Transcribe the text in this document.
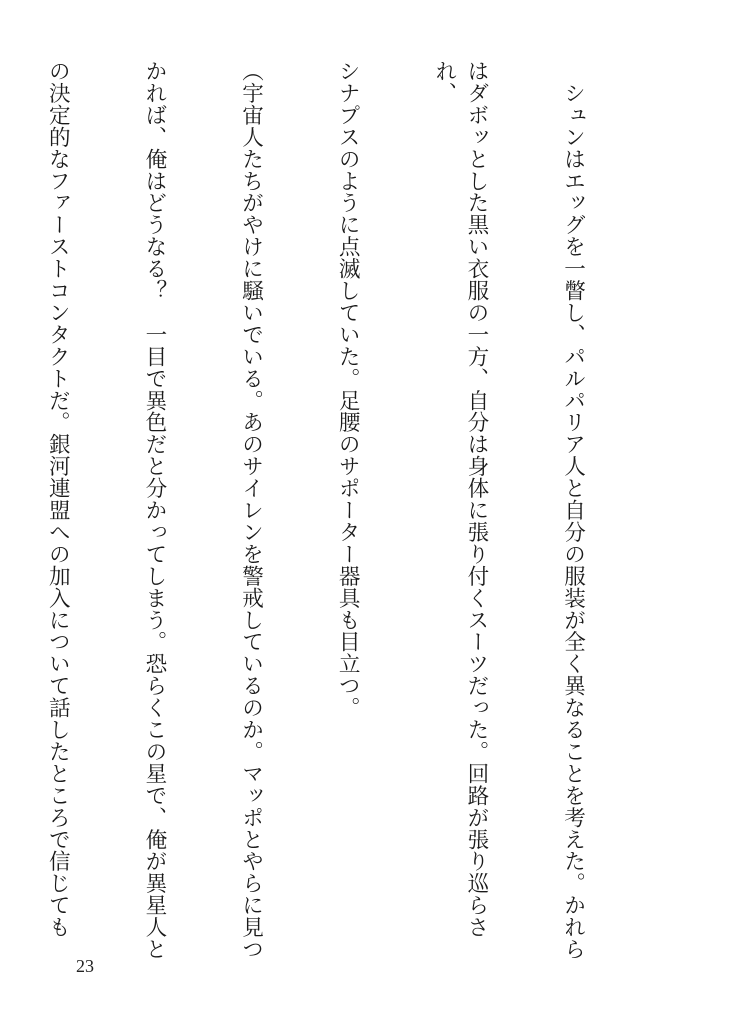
　シュンはエッグを一瞥し、パルパリア人と自分の服装が全く異なることを考えた。かれら

はダボッとした黒い衣服の一方、自分は身体に張り付くスーツだった。回路が張り巡らされ、

シナプスのように点滅していた。足腰のサポーター器具も目立つ。

（宇宙人たちがやけに騒いでいる。あのサイレンを警戒しているのか。マッポとやらに見つ

かれば、俺はどうなる？　一目で異色だと分かってしまう。恐らくこの星で、俺が異星人と

の決定的なファーストコンタクトだ。銀河連盟への加入について話したところで信じても

23
